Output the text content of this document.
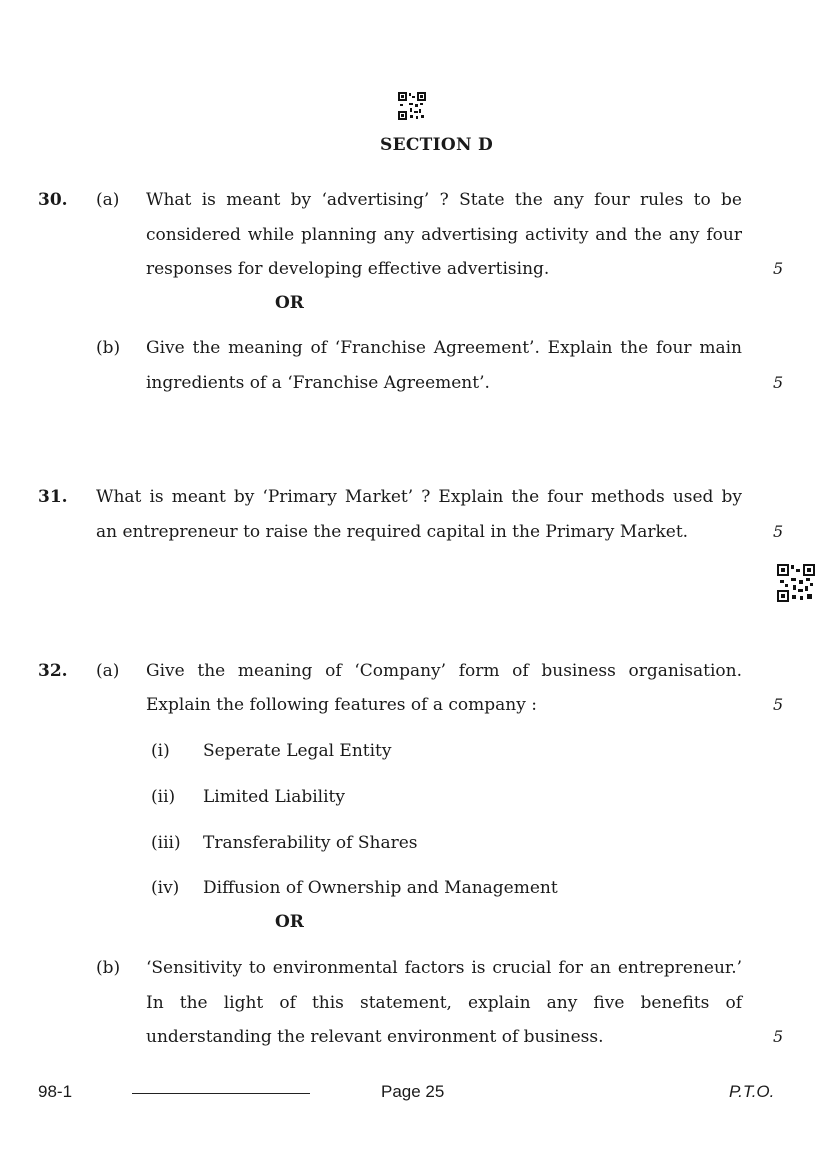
SECTION D
30. (a) What is meant by ‘advertising’ ? State the any four rules to be
considered while planning any advertising activity and the any four
responses for developing effective advertising.	5
OR
(b) Give the meaning of ‘Franchise Agreement’. Explain the four main
ingredients of a ‘Franchise Agreement’.	5
31. What is meant by ‘Primary Market’ ? Explain the four methods used by
an entrepreneur to raise the required capital in the Primary Market.	5
32. (a) Give the meaning of ‘Company’ form of business organisation.
Explain the following features of a company :	5
(i) Seperate Legal Entity
(ii) Limited Liability
(iii) Transferability of Shares
(iv) Diffusion of Ownership and Management
OR
(b) ‘Sensitivity to environmental factors is crucial for an entrepreneur.’
In the light of this statement, explain any five benefits of
understanding the relevant environment of business.	5
98-1	Page 25	P.T.O.
